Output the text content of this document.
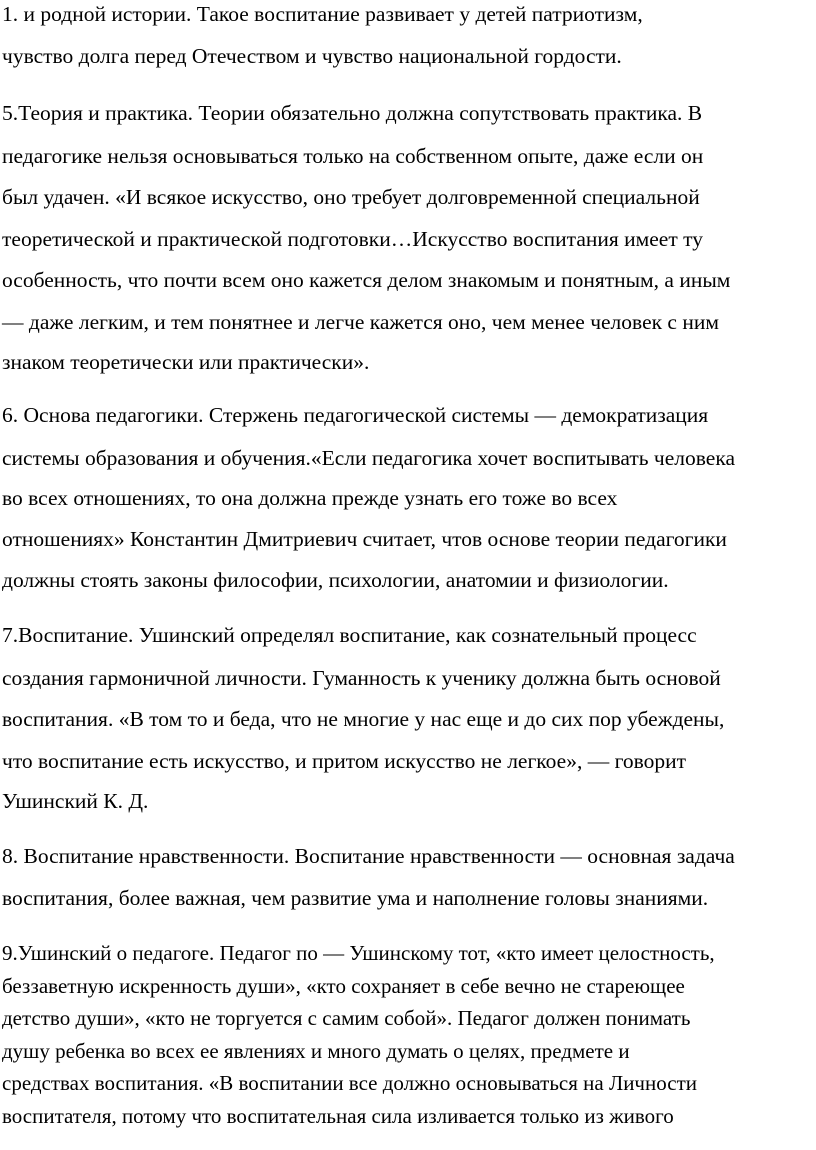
1. и родной истории. Такое воспитание развивает у детей патриотизм,
чувство долга перед Отечеством и чувство национальной гордости.
5.Теория и практика. Теории обязательно должна сопутствовать практика. В
педагогике нельзя основываться только на собственном опыте, даже если он
был удачен. «И всякое искусство, оно требует долговременной специальной
теоретической и практической подготовки…Искусство воспитания имеет ту
особенность, что почти всем оно кажется делом знакомым и понятным, а иным
— даже легким, и тем понятнее и легче кажется оно, чем менее человек с ним
знаком теоретически или практически».
6. Основа педагогики. Стержень педагогической системы — демократизация
системы образования и обучения.«Если педагогика хочет воспитывать человека
во всех отношениях, то она должна прежде узнать его тоже во всех
отношениях» Константин Дмитриевич считает, чтов основе теории педагогики
должны стоять законы философии, психологии, анатомии и физиологии.
7.Воспитание. Ушинский определял воспитание, как сознательный процесс
создания гармоничной личности. Гуманность к ученику должна быть основой
воспитания. «В том то и беда, что не многие у нас еще и до сих пор убеждены,
что воспитание есть искусство, и притом искусство не легкое», — говорит
Ушинский К. Д.
8. Воспитание нравственности. Воспитание нравственности — основная задача
воспитания, более важная, чем развитие ума и наполнение головы знаниями.
9.Ушинский о педагоге. Педагог по — Ушинскому тот, «кто имеет целостность,
беззаветную искренность души», «кто сохраняет в себе вечно не стареющее
детство души», «кто не торгуется с самим собой». Педагог должен понимать
душу ребенка во всех ее явлениях и много думать о целях, предмете и
средствах воспитания. «В воспитании все должно основываться на Личности
воспитателя, потому что воспитательная сила изливается только из живого
